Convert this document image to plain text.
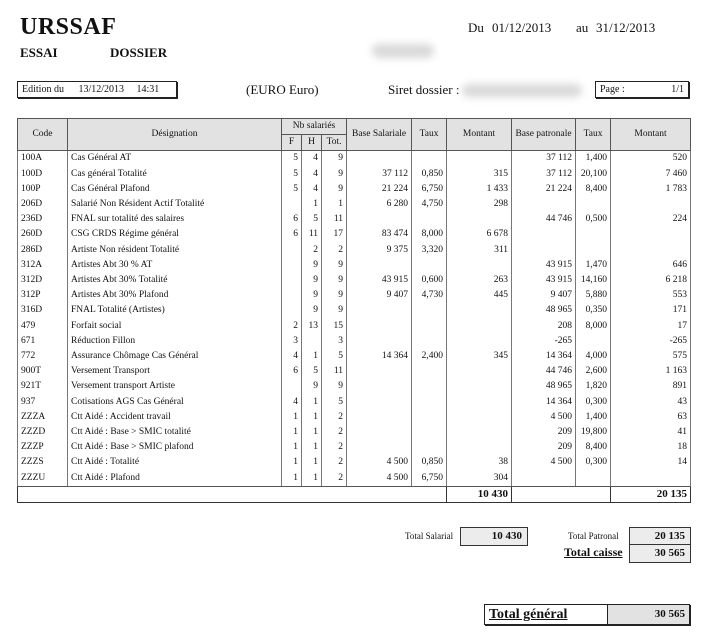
URSSAF
ESSAI	DOSSIER
Du 01/12/2013 au 31/12/2013
Edition du 13/12/2013 14:31	(EURO Euro)	Siret dossier :	Page :	1/1
Code	Désignation	Nb salariés			Base Salariale	Taux	Montant	Base patronale	Taux	Montant
		F	H	Tot.						
100A	Cas Général AT	5	4	9				37 112	1,400	520
100D	Cas général Totalité	5	4	9	37 112	0,850	315	37 112	20,100	7 460
100P	Cas Général Plafond	5	4	9	21 224	6,750	1 433	21 224	8,400	1 783
206D	Salarié Non Résident Actif Totalité		1	1	6 280	4,750	298			
236D	FNAL sur totalité des salaires	6	5	11				44 746	0,500	224
260D	CSG CRDS Régime général	6	11	17	83 474	8,000	6 678			
286D	Artiste Non résident Totalité		2	2	9 375	3,320	311			
312A	Artistes Abt 30 % AT		9	9				43 915	1,470	646
312D	Artistes Abt 30% Totalité		9	9	43 915	0,600	263	43 915	14,160	6 218
312P	Artistes Abt 30% Plafond		9	9	9 407	4,730	445	9 407	5,880	553
316D	FNAL Totalité (Artistes)		9	9				48 965	0,350	171
479	Forfait social	2	13	15				208	8,000	17
671	Réduction Fillon	3		3				-265		-265
772	Assurance Chômage Cas Général	4	1	5	14 364	2,400	345	14 364	4,000	575
900T	Versement Transport	6	5	11				44 746	2,600	1 163
921T	Versement transport Artiste		9	9				48 965	1,820	891
937	Cotisations AGS Cas Général	4	1	5				14 364	0,300	43
ZZZA	Ctt Aidé : Accident travail	1	1	2				4 500	1,400	63
ZZZD	Ctt Aidé : Base > SMIC totalité	1	1	2				209	19,800	41
ZZZP	Ctt Aidé : Base > SMIC plafond	1	1	2				209	8,400	18
ZZZS	Ctt Aidé : Totalité	1	1	2	4 500	0,850	38	4 500	0,300	14
ZZZU	Ctt Aidé : Plafond	1	1	2	4 500	6,750	304			
							10 430			20 135
Total Salarial	10 430	Total Patronal	20 135
Total caisse	30 565
Total général	30 565
